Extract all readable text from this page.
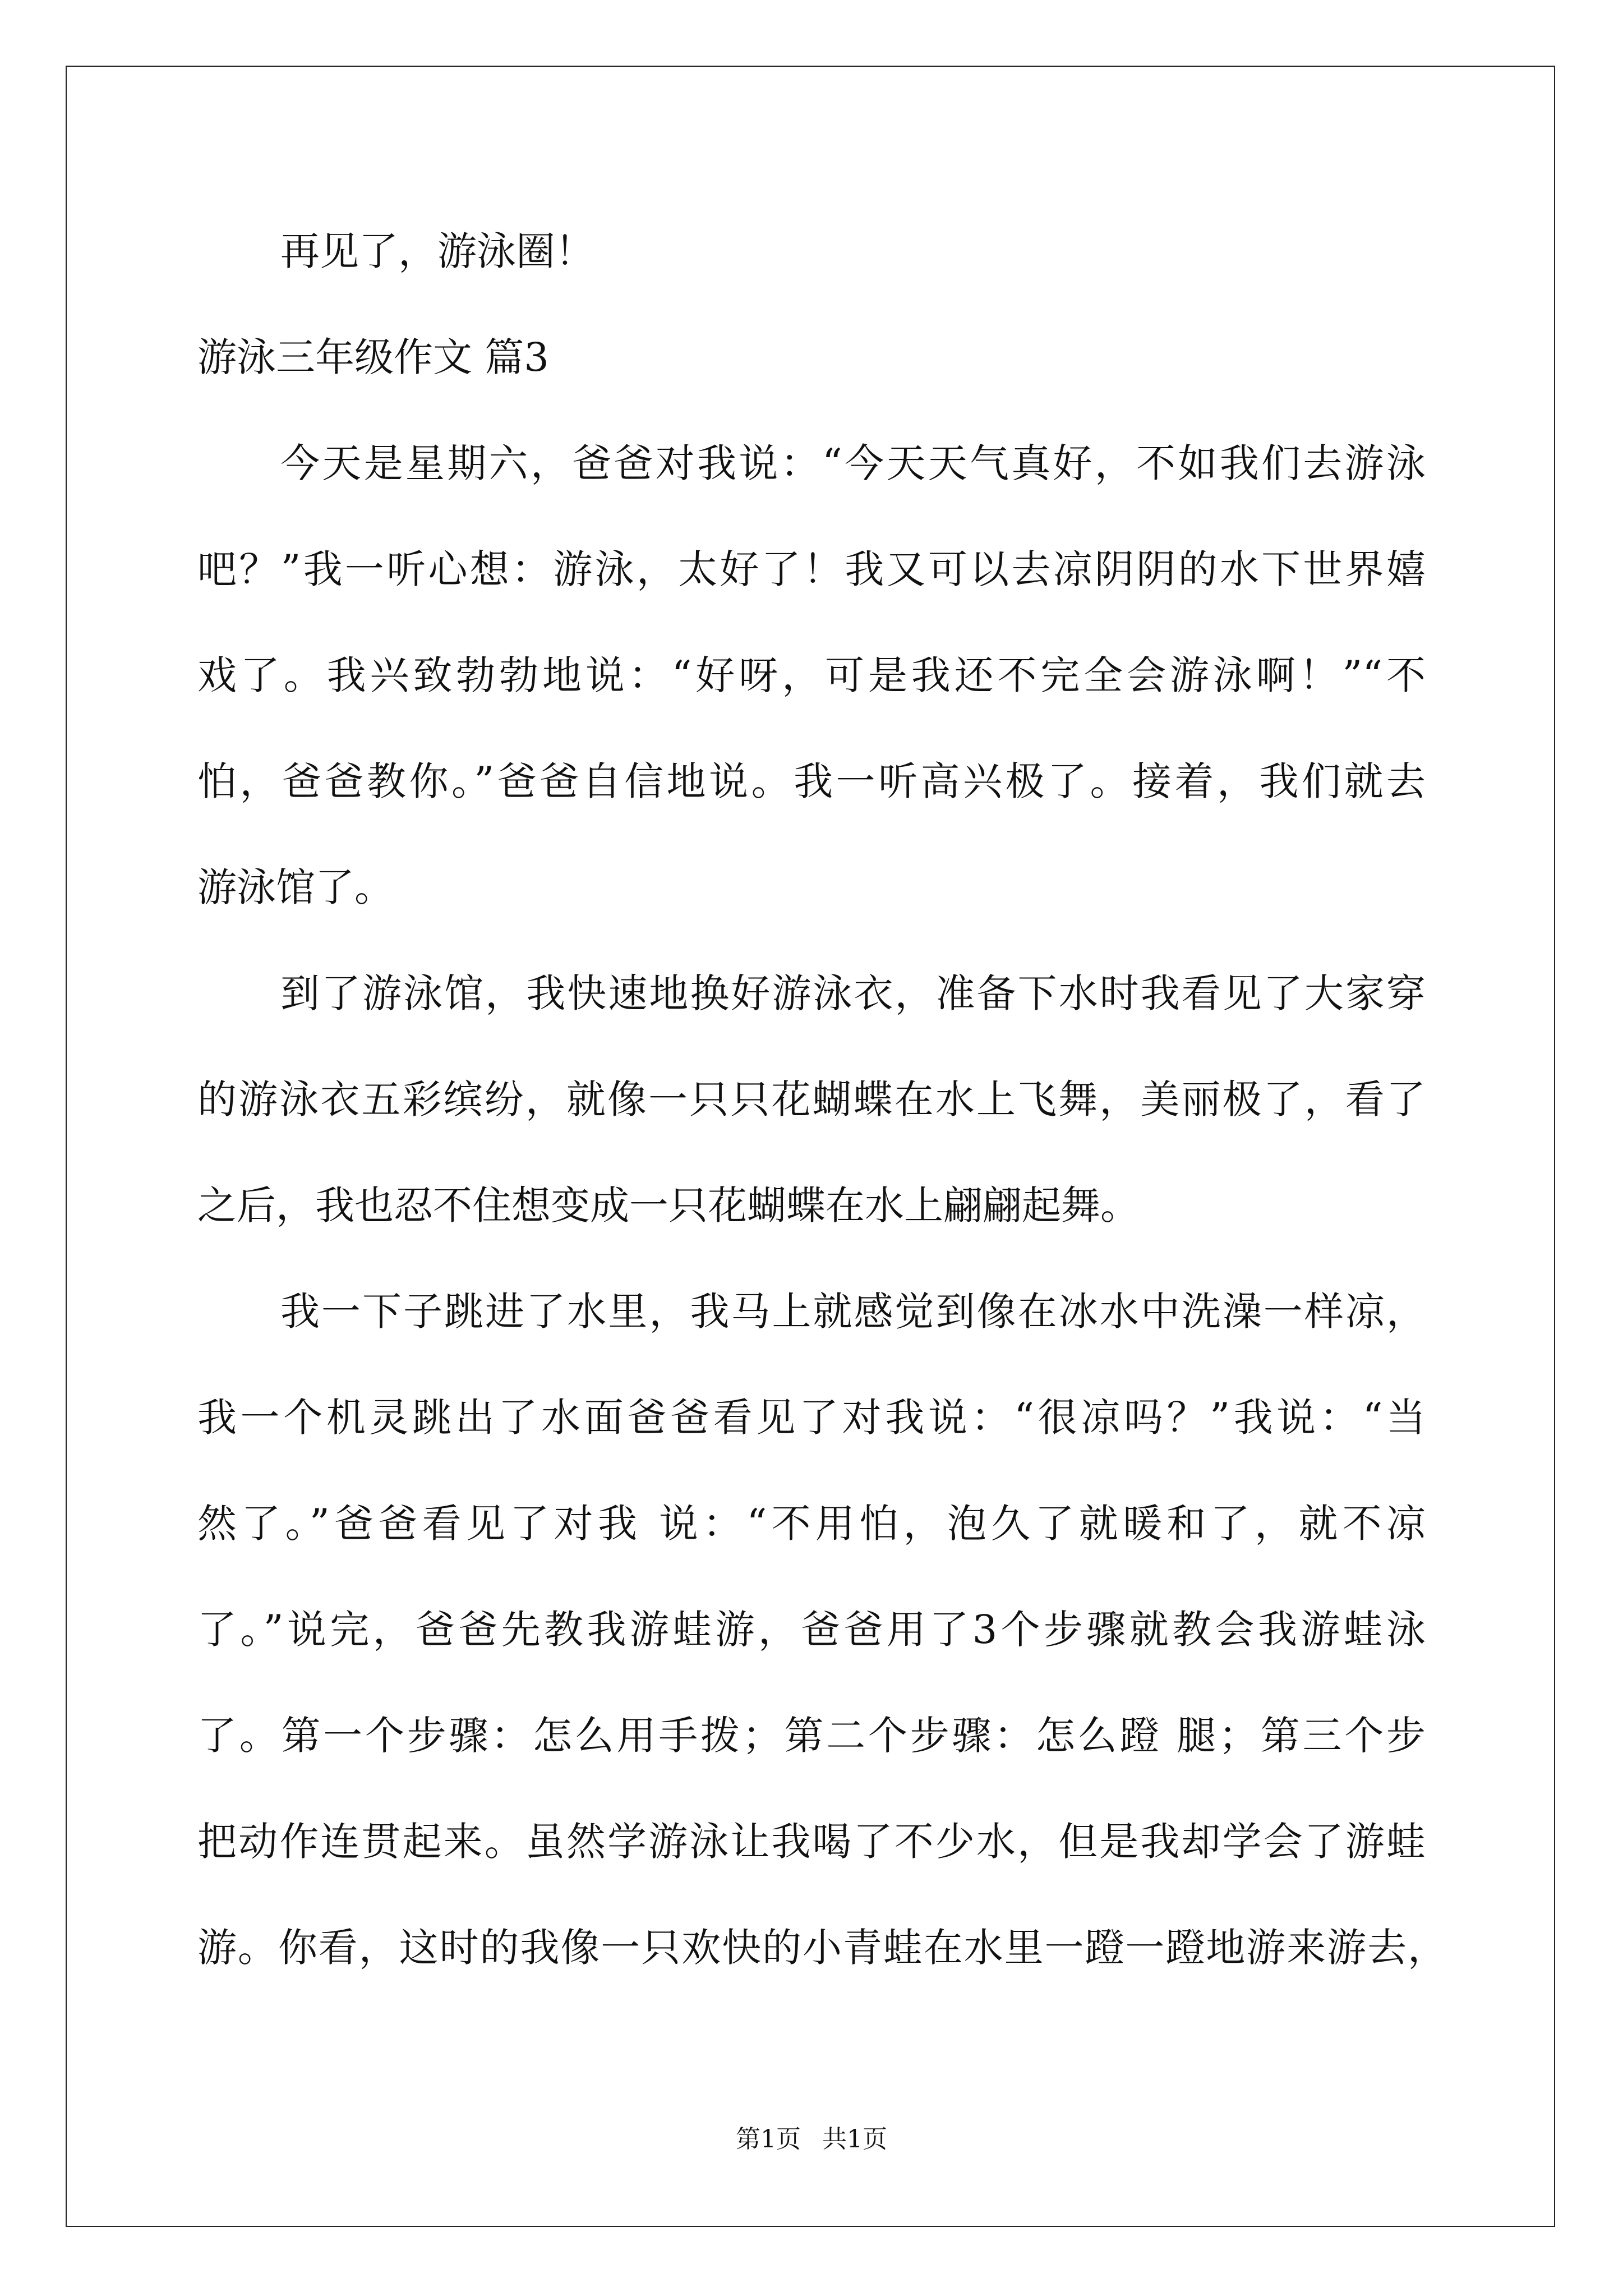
再见了，游泳圈！
游泳三年级作文 篇3
今天是星期六，爸爸对我说：“今天天气真好，不如我们去游泳
吧？”我一听心想：游泳，太好了！我又可以去凉阴阴的水下世界嬉
戏了。我兴致勃勃地说：“好呀，可是我还不完全会游泳啊！”“不
怕，爸爸教你。”爸爸自信地说。我一听高兴极了。接着，我们就去
游泳馆了。
到了游泳馆，我快速地换好游泳衣，准备下水时我看见了大家穿
的游泳衣五彩缤纷，就像一只只花蝴蝶在水上飞舞，美丽极了，看了
之后，我也忍不住想变成一只花蝴蝶在水上翩翩起舞。
我一下子跳进了水里，我马上就感觉到像在冰水中洗澡一样凉，
我一个机灵跳出了水面爸爸看见了对我说：“很凉吗？”我说：“当
然了。”爸爸看见了对我 说：“不用怕，泡久了就暖和了，就不凉
了。”说完，爸爸先教我游蛙游，爸爸用了3个步骤就教会我游蛙泳
了。第一个步骤：怎么用手拨；第二个步骤：怎么蹬 腿；第三个步
把动作连贯起来。虽然学游泳让我喝了不少水，但是我却学会了游蛙
游。你看，这时的我像一只欢快的小青蛙在水里一蹬一蹬地游来游去，
第1页 共1页
